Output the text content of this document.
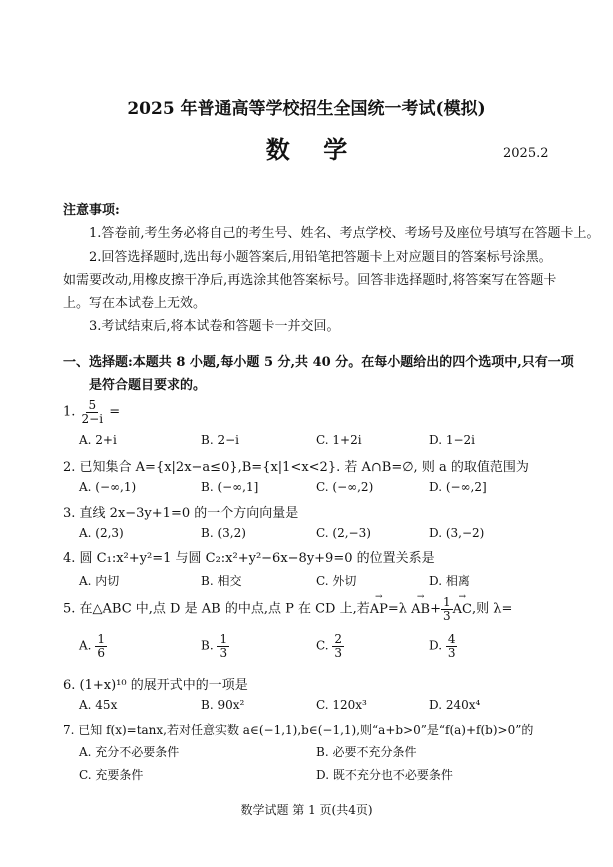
2025 年普通高等学校招生全国统一考试(模拟)
数    学	2025.2
注意事项:
1.答卷前,考生务必将自己的考生号、姓名、考点学校、考场号及座位号填写在答题卡上。
2.回答选择题时,选出每小题答案后,用铅笔把答题卡上对应题目的答案标号涂黑。
如需要改动,用橡皮擦干净后,再选涂其他答案标号。回答非选择题时,将答案写在答题卡
上。写在本试卷上无效。
3.考试结束后,将本试卷和答题卡一并交回。
一、选择题:本题共 8 小题,每小题 5 分,共 40 分。在每小题给出的四个选项中,只有一项
是符合题目要求的。
1. $\frac{5}{2-i}$ =
A. 2+i	B. 2−i	C. 1+2i	D. 1−2i
2. 已知集合 A={x|2x−a≤0},B={x|1<x<2}. 若 A∩B=∅, 则 a 的取值范围为
A. (−∞,1)	B. (−∞,1]	C. (−∞,2)	D. (−∞,2]
3. 直线 2x−3y+1=0 的一个方向向量是
A. (2,3)	B. (3,2)	C. (2,−3)	D. (3,−2)
4. 圆 C₁:x²+y²=1 与圆 C₂:x²+y²−6x−8y+9=0 的位置关系是
A. 内切	B. 相交	C. 外切	D. 相离
5. 在△ABC 中,点 D 是 AB 的中点,点 P 在 CD 上,若→ $AP=\lambda \to AB+ \frac{1}{3}$ → AC,则 λ=
A. $\frac{1}{6}$	B. $\frac{1}{3}$	C. $\frac{2}{3}$	D. $\frac{4}{3}$
6. (1+x)¹⁰ 的展开式中的一项是
A. 45x	B. 90x²	C. 120x³	D. 240x⁴
7. 已知 f(x)=tanx,若对任意实数 a∈(−1,1),b∈(−1,1),则“a+b>0”是“f(a)+f(b)>0”的
A. 充分不必要条件	B. 必要不充分条件
C. 充要条件	D. 既不充分也不必要条件
数学试题 第 1 页(共4页)
